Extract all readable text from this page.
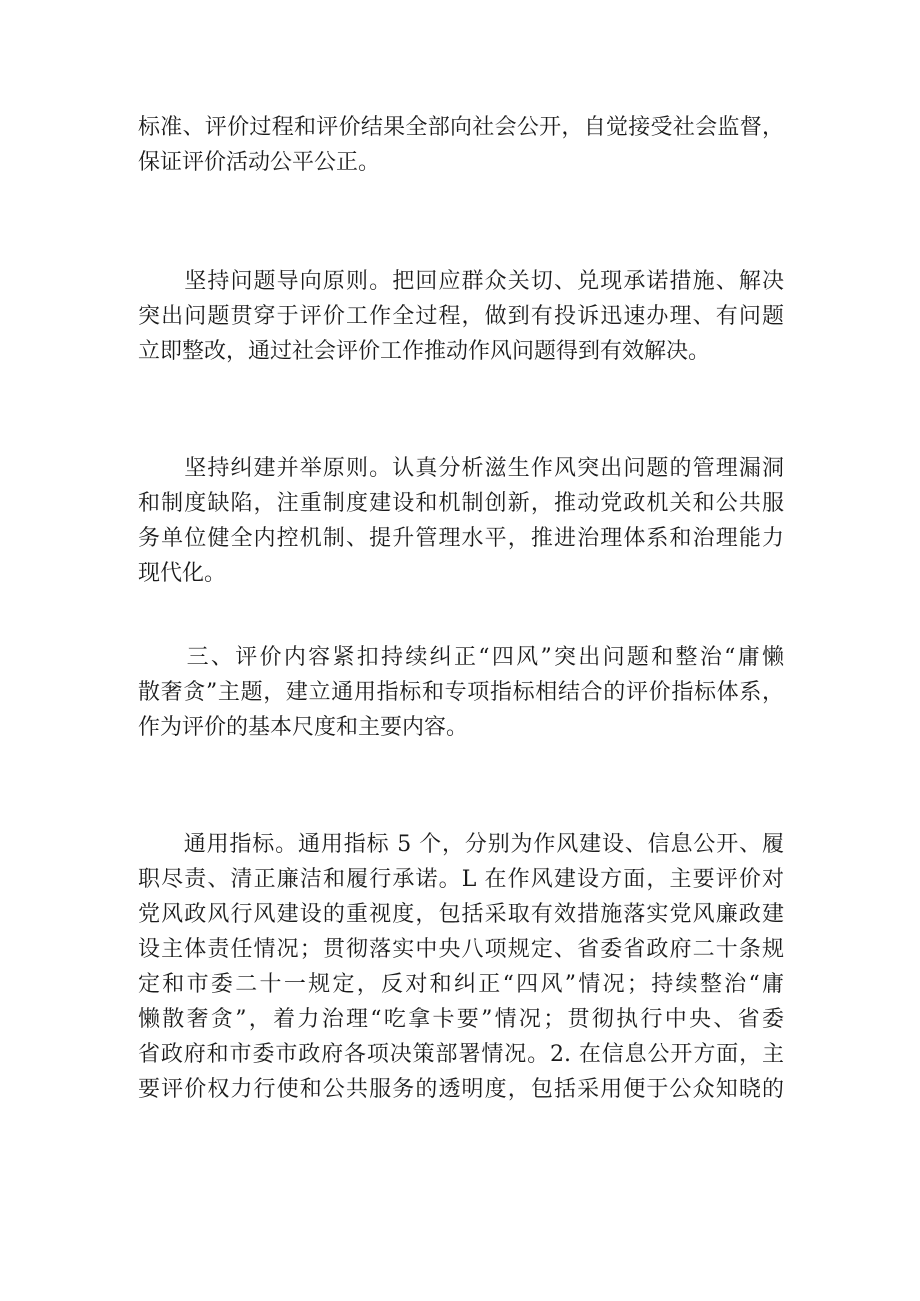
标准、评价过程和评价结果全部向社会公开，自觉接受社会监督，
保证评价活动公平公正。
　　坚持问题导向原则。把回应群众关切、兑现承诺措施、解决
突出问题贯穿于评价工作全过程，做到有投诉迅速办理、有问题
立即整改，通过社会评价工作推动作风问题得到有效解决。
　　坚持纠建并举原则。认真分析滋生作风突出问题的管理漏洞
和制度缺陷，注重制度建设和机制创新，推动党政机关和公共服
务单位健全内控机制、提升管理水平，推进治理体系和治理能力
现代化。
　　三、评价内容紧扣持续纠正“四风”突出问题和整治“庸懒
散奢贪”主题，建立通用指标和专项指标相结合的评价指标体系，
作为评价的基本尺度和主要内容。
　　通用指标。通用指标 5 个，分别为作风建设、信息公开、履
职尽责、清正廉洁和履行承诺。L 在作风建设方面，主要评价对
党风政风行风建设的重视度，包括采取有效措施落实党风廉政建
设主体责任情况；贯彻落实中央八项规定、省委省政府二十条规
定和市委二十一规定，反对和纠正“四风”情况；持续整治“庸
懒散奢贪”，着力治理“吃拿卡要”情况；贯彻执行中央、省委
省政府和市委市政府各项决策部署情况。2. 在信息公开方面，主
要评价权力行使和公共服务的透明度，包括采用便于公众知晓的
